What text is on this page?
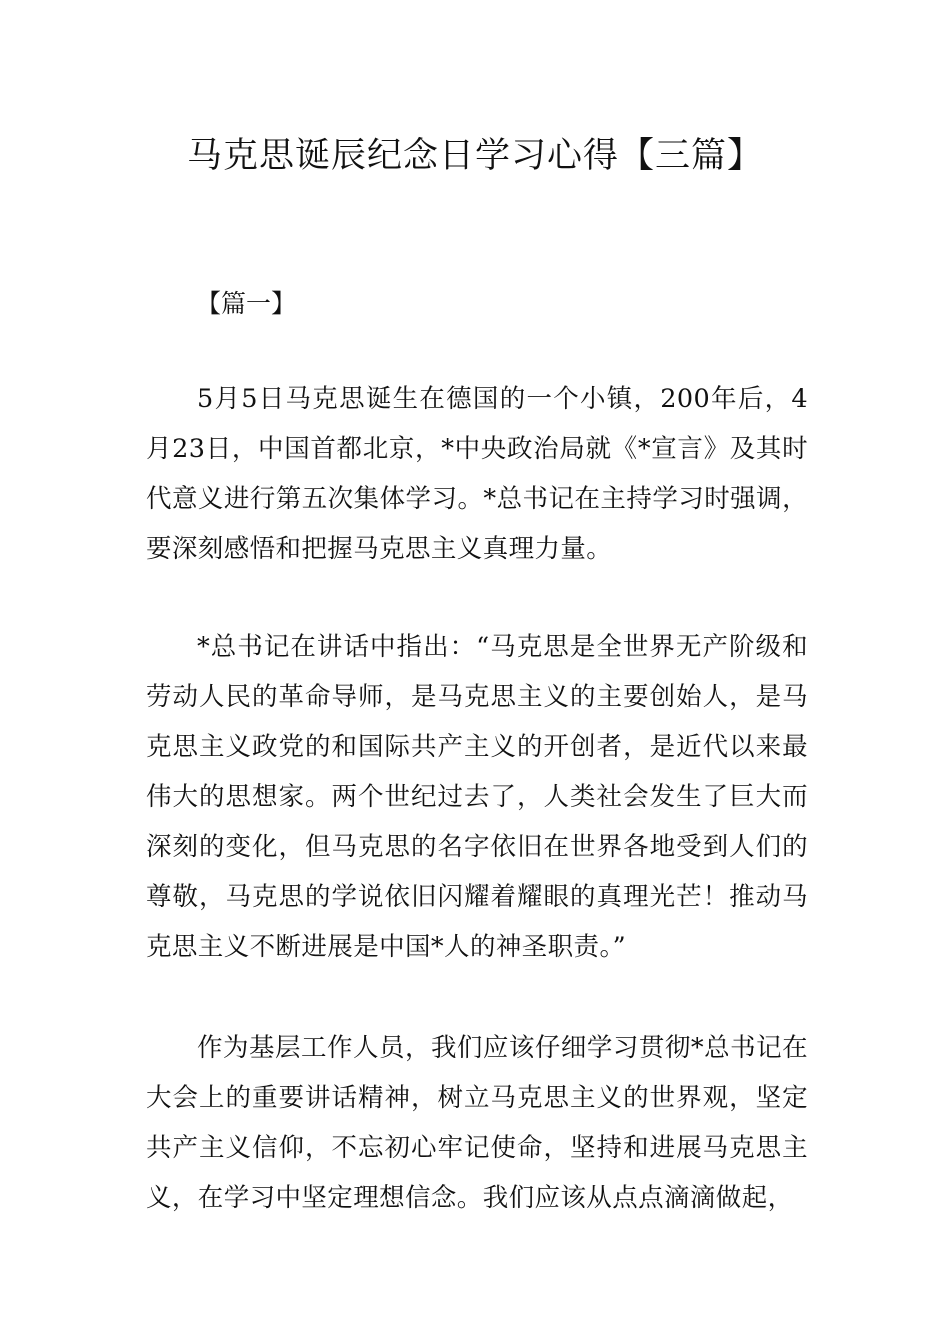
马克思诞辰纪念日学习心得【三篇】
【篇一】

5月5日马克思诞生在德国的一个小镇，200年后，4月23日，中国首都北京，*中央政治局就《*宣言》及其时代意义进行第五次集体学习。*总书记在主持学习时强调，要深刻感悟和把握马克思主义真理力量。

*总书记在讲话中指出：“马克思是全世界无产阶级和劳动人民的革命导师，是马克思主义的主要创始人，是马克思主义政党的和国际共产主义的开创者，是近代以来最伟大的思想家。两个世纪过去了，人类社会发生了巨大而深刻的变化，但马克思的名字依旧在世界各地受到人们的尊敬，马克思的学说依旧闪耀着耀眼的真理光芒！推动马克思主义不断进展是中国*人的神圣职责。”

作为基层工作人员，我们应该仔细学习贯彻*总书记在大会上的重要讲话精神，树立马克思主义的世界观，坚定共产主义信仰，不忘初心牢记使命，坚持和进展马克思主义，在学习中坚定理想信念。我们应该从点点滴滴做起，
